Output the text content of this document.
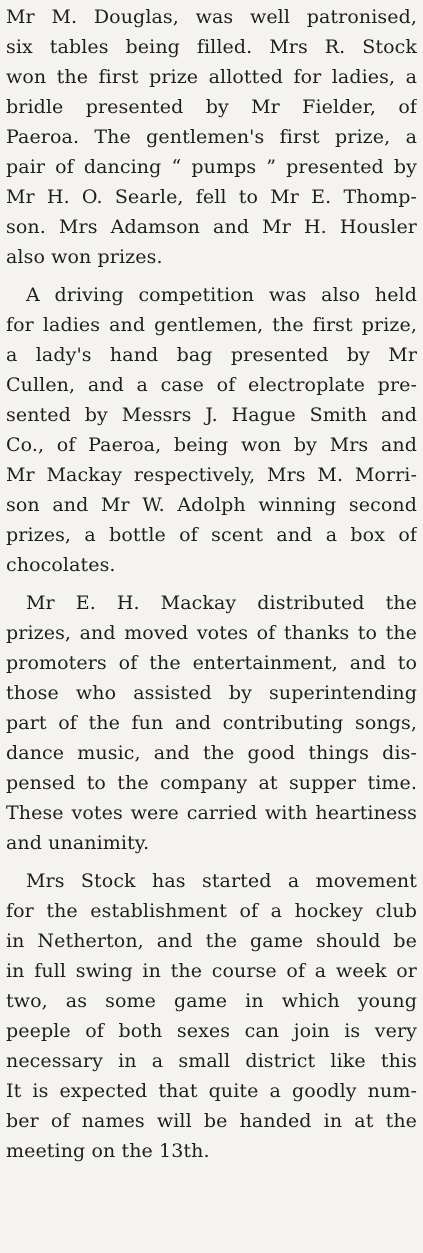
Mr M. Douglas, was well patronised,
six tables being filled. Mrs R. Stock
won the first prize allotted for ladies, a
bridle presented by Mr Fielder, of
Paeroa. The gentlemen's first prize, a
pair of dancing “ pumps ” presented by
Mr H. O. Searle, fell to Mr E. Thomp-
son. Mrs Adamson and Mr H. Housler
also won prizes.
A driving competition was also held
for ladies and gentlemen, the first prize,
a lady's hand bag presented by Mr
Cullen, and a case of electroplate pre-
sented by Messrs J. Hague Smith and
Co., of Paeroa, being won by Mrs and
Mr Mackay respectively, Mrs M. Morri-
son and Mr W. Adolph winning second
prizes, a bottle of scent and a box of
chocolates.
Mr E. H. Mackay distributed the
prizes, and moved votes of thanks to the
promoters of the entertainment, and to
those who assisted by superintending
part of the fun and contributing songs,
dance music, and the good things dis-
pensed to the company at supper time.
These votes were carried with heartiness
and unanimity.
Mrs Stock has started a movement
for the establishment of a hockey club
in Netherton, and the game should be
in full swing in the course of a week or
two, as some game in which young
peeple of both sexes can join is very
necessary in a small district like this
It is expected that quite a goodly num-
ber of names will be handed in at the
meeting on the 13th.
